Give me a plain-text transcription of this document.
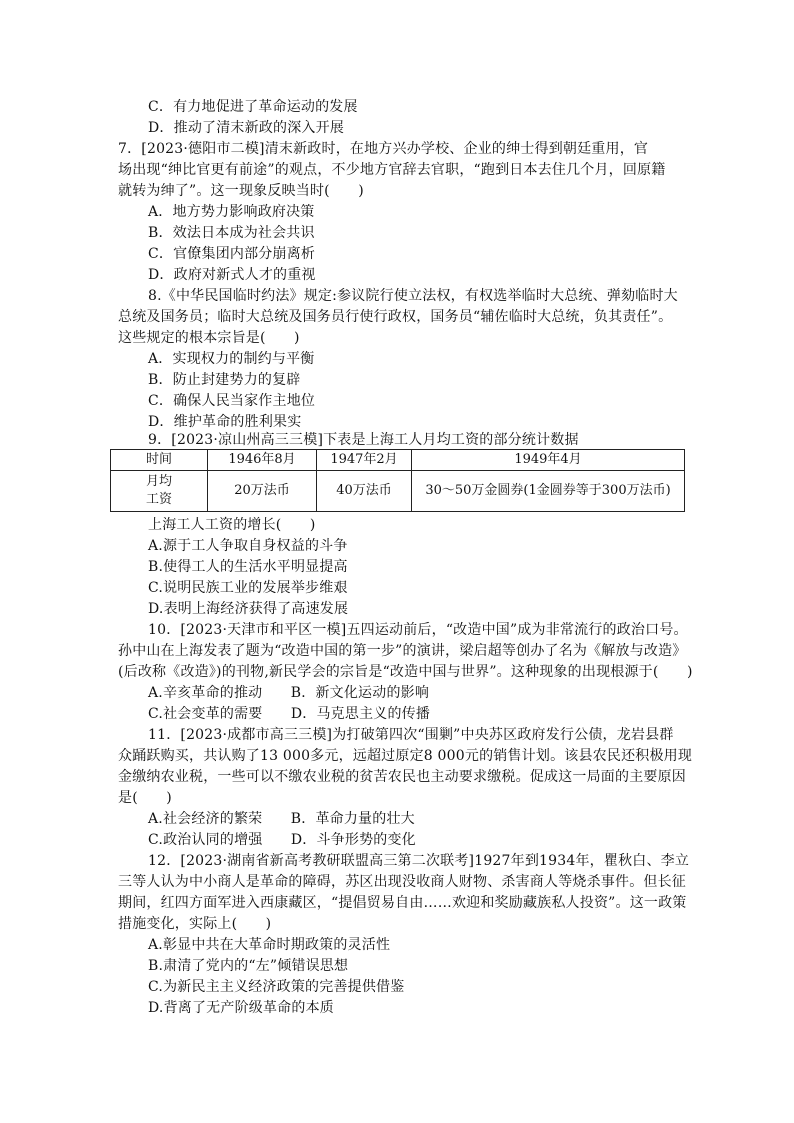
C．有力地促进了革命运动的发展
D．推动了清末新政的深入开展
7．[2023·德阳市二模]清末新政时，在地方兴办学校、企业的绅士得到朝廷重用，官
场出现“绅比官更有前途”的观点，不少地方官辞去官职，“跑到日本去住几个月，回原籍
就转为绅了”。这一现象反映当时(　　)
A．地方势力影响政府决策
B．效法日本成为社会共识
C．官僚集团内部分崩离析
D．政府对新式人才的重视
8.《中华民国临时约法》规定:参议院行使立法权，有权选举临时大总统、弹劾临时大
总统及国务员；临时大总统及国务员行使行政权，国务员“辅佐临时大总统，负其责任”。
这些规定的根本宗旨是(　　)
A．实现权力的制约与平衡
B．防止封建势力的复辟
C．确保人民当家作主地位
D．维护革命的胜利果实
9．[2023·凉山州高三三模]下表是上海工人月均工资的部分统计数据
时间	1946年8月	1947年2月	1949年4月

月均
工资	20万法币	40万法币	30～50万金圆券(1金圆券等于300万法币)
上海工人工资的增长(　　)
A.源于工人争取自身权益的斗争
B.使得工人的生活水平明显提高
C.说明民族工业的发展举步维艰
D.表明上海经济获得了高速发展
10．[2023·天津市和平区一模]五四运动前后，“改造中国”成为非常流行的政治口号。
孙中山在上海发表了题为“改造中国的第一步”的演讲，梁启超等创办了名为《解放与改造》
(后改称《改造》)的刊物,新民学会的宗旨是“改造中国与世界”。这种现象的出现根源于(　　)
A.辛亥革命的推动　　B．新文化运动的影响
C.社会变革的需要　　D．马克思主义的传播
11．[2023·成都市高三三模]为打破第四次“围剿”中央苏区政府发行公债，龙岩县群
众踊跃购买，共认购了13 000多元，远超过原定8 000元的销售计划。该县农民还积极用现
金缴纳农业税，一些可以不缴农业税的贫苦农民也主动要求缴税。促成这一局面的主要原因
是(　　)
A.社会经济的繁荣　　B．革命力量的壮大
C.政治认同的增强　　D．斗争形势的变化
12．[2023·湖南省新高考教研联盟高三第二次联考]1927年到1934年，瞿秋白、李立
三等人认为中小商人是革命的障碍，苏区出现没收商人财物、杀害商人等烧杀事件。但长征
期间，红四方面军进入西康藏区，“提倡贸易自由……欢迎和奖励藏族私人投资”。这一政策
措施变化，实际上(　　)
A.彰显中共在大革命时期政策的灵活性
B.肃清了党内的“左”倾错误思想
C.为新民主主义经济政策的完善提供借鉴
D.背离了无产阶级革命的本质
